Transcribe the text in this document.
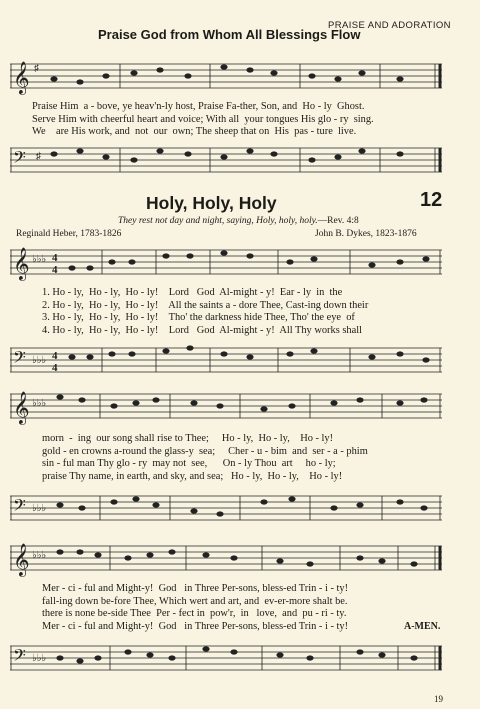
PRAISE AND ADORATION
Praise God from Whom All Blessings Flow
𝄞 ♯
Praise Him  a - bove, ye heav'n-ly host, Praise Fa-ther, Son, and  Ho - ly  Ghost.
Serve Him with cheerful heart and voice; With all  your tongues His glo - ry  sing.
We    are His work, and  not  our  own; The sheep that on  His  pas - ture  live.
𝄢 ♯
Holy, Holy, Holy	12
They rest not day and night, saying, Holy, holy, holy.—Rev. 4:8
Reginald Heber, 1783-1826	John B. Dykes, 1823-1876
𝄞 ♭♭♭ 4
4
1. Ho - ly,  Ho - ly,  Ho - ly!    Lord   God  Al-might - y!  Ear - ly  in  the
2. Ho - ly,  Ho - ly,  Ho - ly!    All the saints a - dore Thee, Cast-ing down their
3. Ho - ly,  Ho - ly,  Ho - ly!    Tho' the darkness hide Thee, Tho' the eye  of
4. Ho - ly,  Ho - ly,  Ho - ly!    Lord   God  Al-might - y!  All Thy works shall
𝄢 ♭♭♭ 4
4
𝄞 ♭♭♭
morn  -  ing  our song shall rise to Thee;     Ho - ly,  Ho - ly,    Ho - ly!
gold - en crowns a-round the glass-y  sea;     Cher - u - bim  and  ser - a - phim
sin - ful man Thy glo - ry  may not  see,      On - ly Thou  art     ho - ly;
praise Thy name, in earth, and sky, and sea;   Ho - ly,  Ho - ly,    Ho - ly!
𝄢 ♭♭♭
𝄞 ♭♭♭
Mer - ci - ful and Might-y!  God   in Three Per-sons, bless-ed Trin - i - ty!
fall-ing down be-fore Thee, Which wert and art, and  ev-er-more shalt be.
there is none be-side Thee  Per - fect in  pow'r,  in   love,  and  pu - ri - ty.
Mer - ci - ful and Might-y!  God   in Three Per-sons, bless-ed Trin - i - ty!	A-MEN.
𝄢 ♭♭♭
19
